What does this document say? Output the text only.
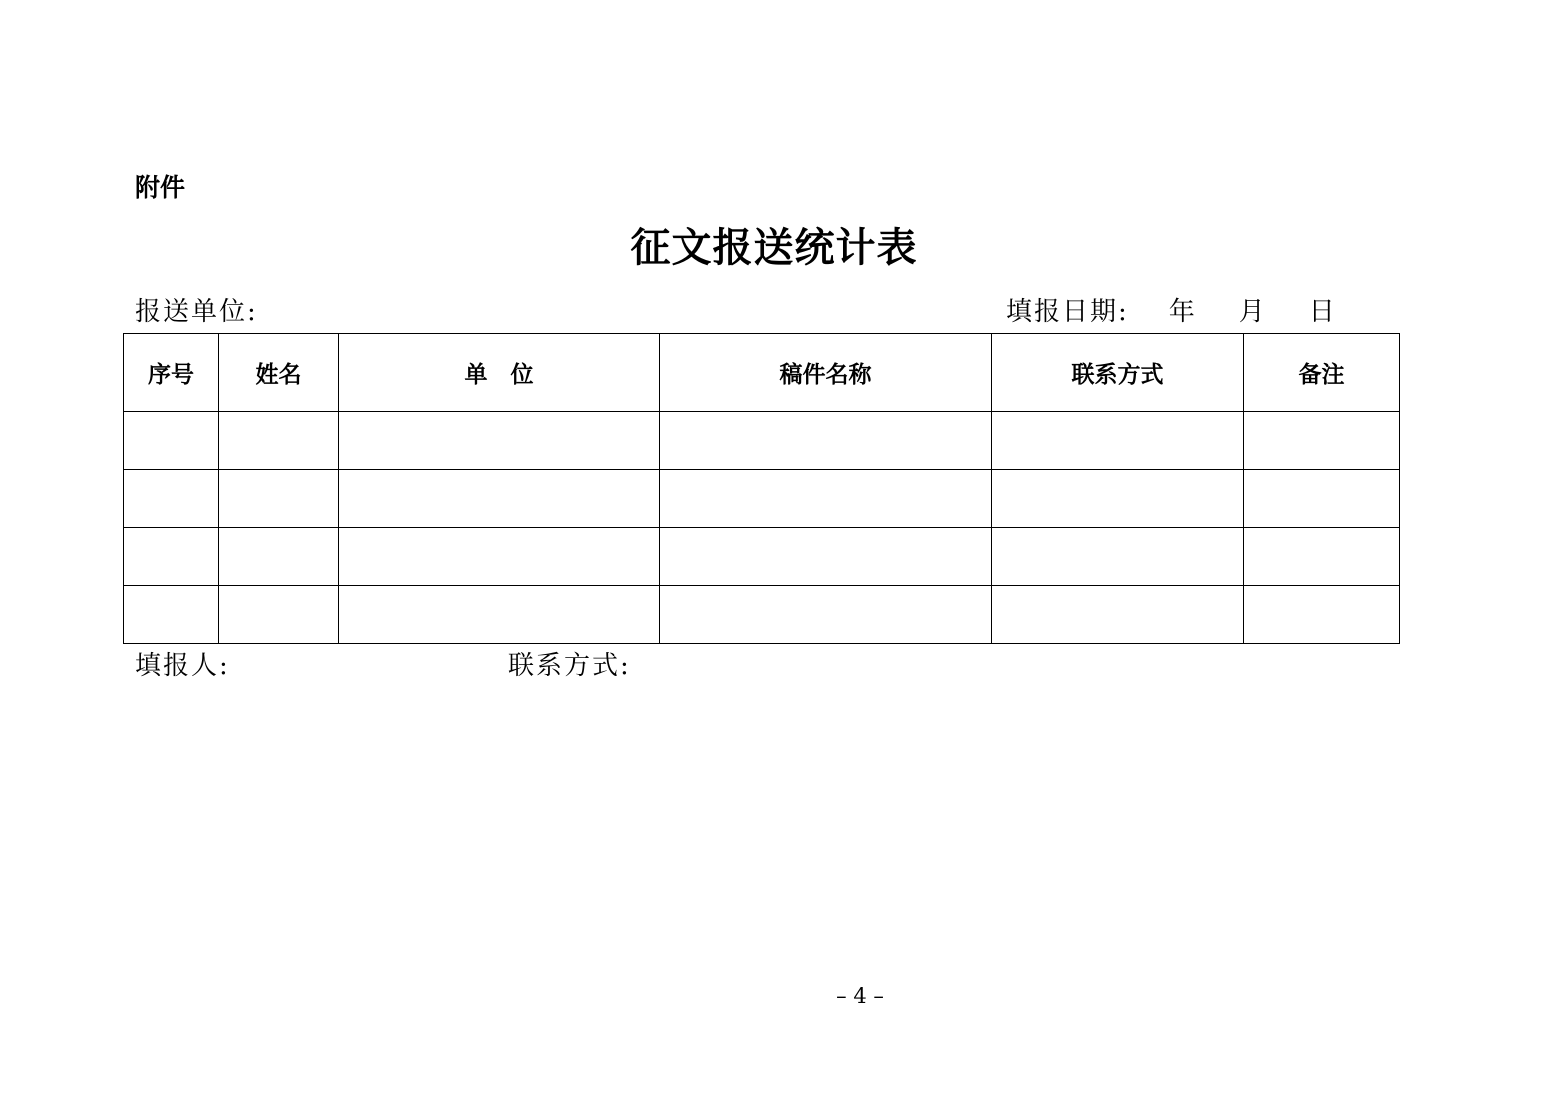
附件
征文报送统计表
报送单位:	填报日期: 年 月 日
序号	姓名	单　位	稿件名称	联系方式	备注

填报人:	联系方式:
– 4 –
